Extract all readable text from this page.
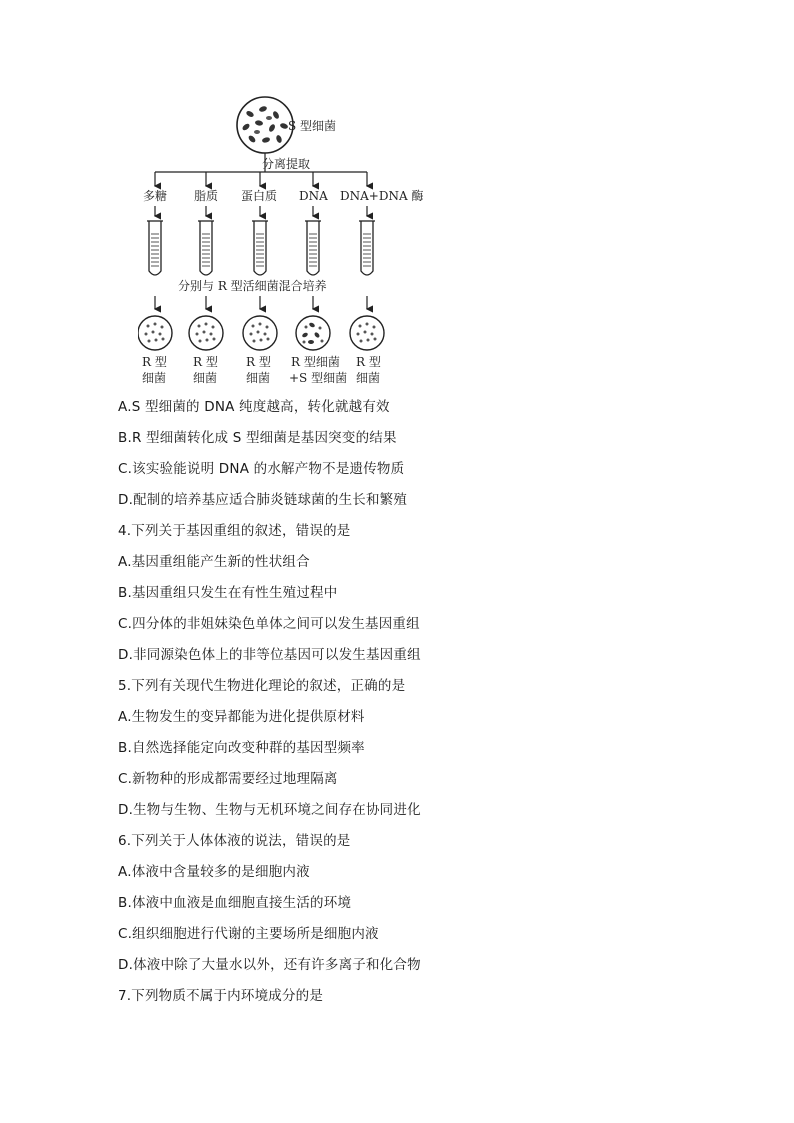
S 型细菌
分离提取
多糖 脂质 蛋白质 DNA DNA+DNA 酶
分别与 R 型活细菌混合培养
R 型
细菌
R 型
细菌
R 型
细菌
R 型细菌
+S 型细菌
R 型
细菌
A.S 型细菌的 DNA 纯度越高，转化就越有效
B.R 型细菌转化成 S 型细菌是基因突变的结果
C.该实验能说明 DNA 的水解产物不是遗传物质
D.配制的培养基应适合肺炎链球菌的生长和繁殖
4.下列关于基因重组的叙述，错误的是
A.基因重组能产生新的性状组合
B.基因重组只发生在有性生殖过程中
C.四分体的非姐妹染色单体之间可以发生基因重组
D.非同源染色体上的非等位基因可以发生基因重组
5.下列有关现代生物进化理论的叙述，正确的是
A.生物发生的变异都能为进化提供原材料
B.自然选择能定向改变种群的基因型频率
C.新物种的形成都需要经过地理隔离
D.生物与生物、生物与无机环境之间存在协同进化
6.下列关于人体体液的说法，错误的是
A.体液中含量较多的是细胞内液
B.体液中血液是血细胞直接生活的环境
C.组织细胞进行代谢的主要场所是细胞内液
D.体液中除了大量水以外，还有许多离子和化合物
7.下列物质不属于内环境成分的是
